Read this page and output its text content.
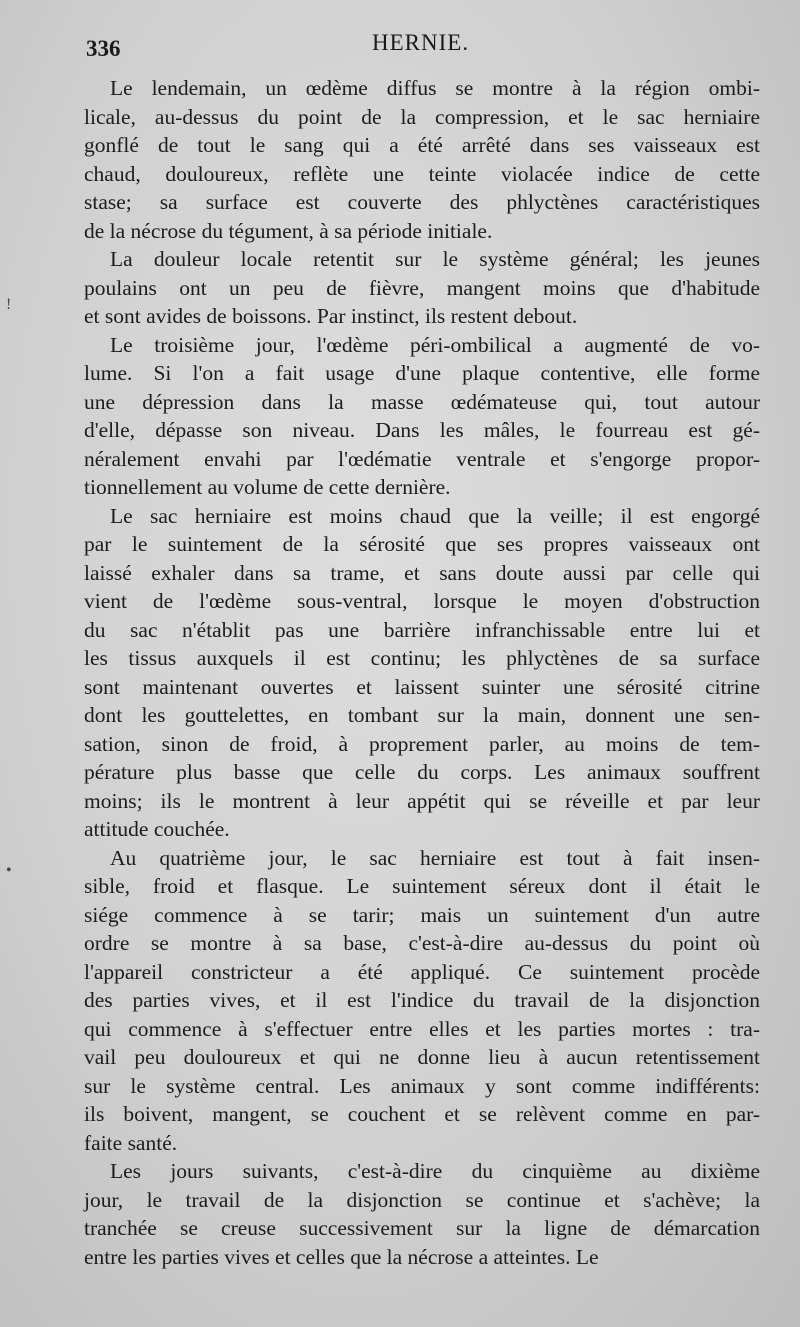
336	HERNIE.
!
•
Le lendemain, un œdème diffus se montre à la région ombi-
licale, au-dessus du point de la compression, et le sac herniaire
gonflé de tout le sang qui a été arrêté dans ses vaisseaux est
chaud, douloureux, reflète une teinte violacée indice de cette
stase; sa surface est couverte des phlyctènes caractéristiques
de la nécrose du tégument, à sa période initiale.
La douleur locale retentit sur le système général; les jeunes
poulains ont un peu de fièvre, mangent moins que d'habitude
et sont avides de boissons. Par instinct, ils restent debout.
Le troisième jour, l'œdème péri-ombilical a augmenté de vo-
lume. Si l'on a fait usage d'une plaque contentive, elle forme
une dépression dans la masse œdémateuse qui, tout autour
d'elle, dépasse son niveau. Dans les mâles, le fourreau est gé-
néralement envahi par l'œdématie ventrale et s'engorge propor-
tionnellement au volume de cette dernière.
Le sac herniaire est moins chaud que la veille; il est engorgé
par le suintement de la sérosité que ses propres vaisseaux ont
laissé exhaler dans sa trame, et sans doute aussi par celle qui
vient de l'œdème sous-ventral, lorsque le moyen d'obstruction
du sac n'établit pas une barrière infranchissable entre lui et
les tissus auxquels il est continu; les phlyctènes de sa surface
sont maintenant ouvertes et laissent suinter une sérosité citrine
dont les gouttelettes, en tombant sur la main, donnent une sen-
sation, sinon de froid, à proprement parler, au moins de tem-
pérature plus basse que celle du corps. Les animaux souffrent
moins; ils le montrent à leur appétit qui se réveille et par leur
attitude couchée.
Au quatrième jour, le sac herniaire est tout à fait insen-
sible, froid et flasque. Le suintement séreux dont il était le
siége commence à se tarir; mais un suintement d'un autre
ordre se montre à sa base, c'est-à-dire au-dessus du point où
l'appareil constricteur a été appliqué. Ce suintement procède
des parties vives, et il est l'indice du travail de la disjonction
qui commence à s'effectuer entre elles et les parties mortes : tra-
vail peu douloureux et qui ne donne lieu à aucun retentissement
sur le système central. Les animaux y sont comme indifférents:
ils boivent, mangent, se couchent et se relèvent comme en par-
faite santé.
Les jours suivants, c'est-à-dire du cinquième au dixième
jour, le travail de la disjonction se continue et s'achève; la
tranchée se creuse successivement sur la ligne de démarcation
entre les parties vives et celles que la nécrose a atteintes. Le
